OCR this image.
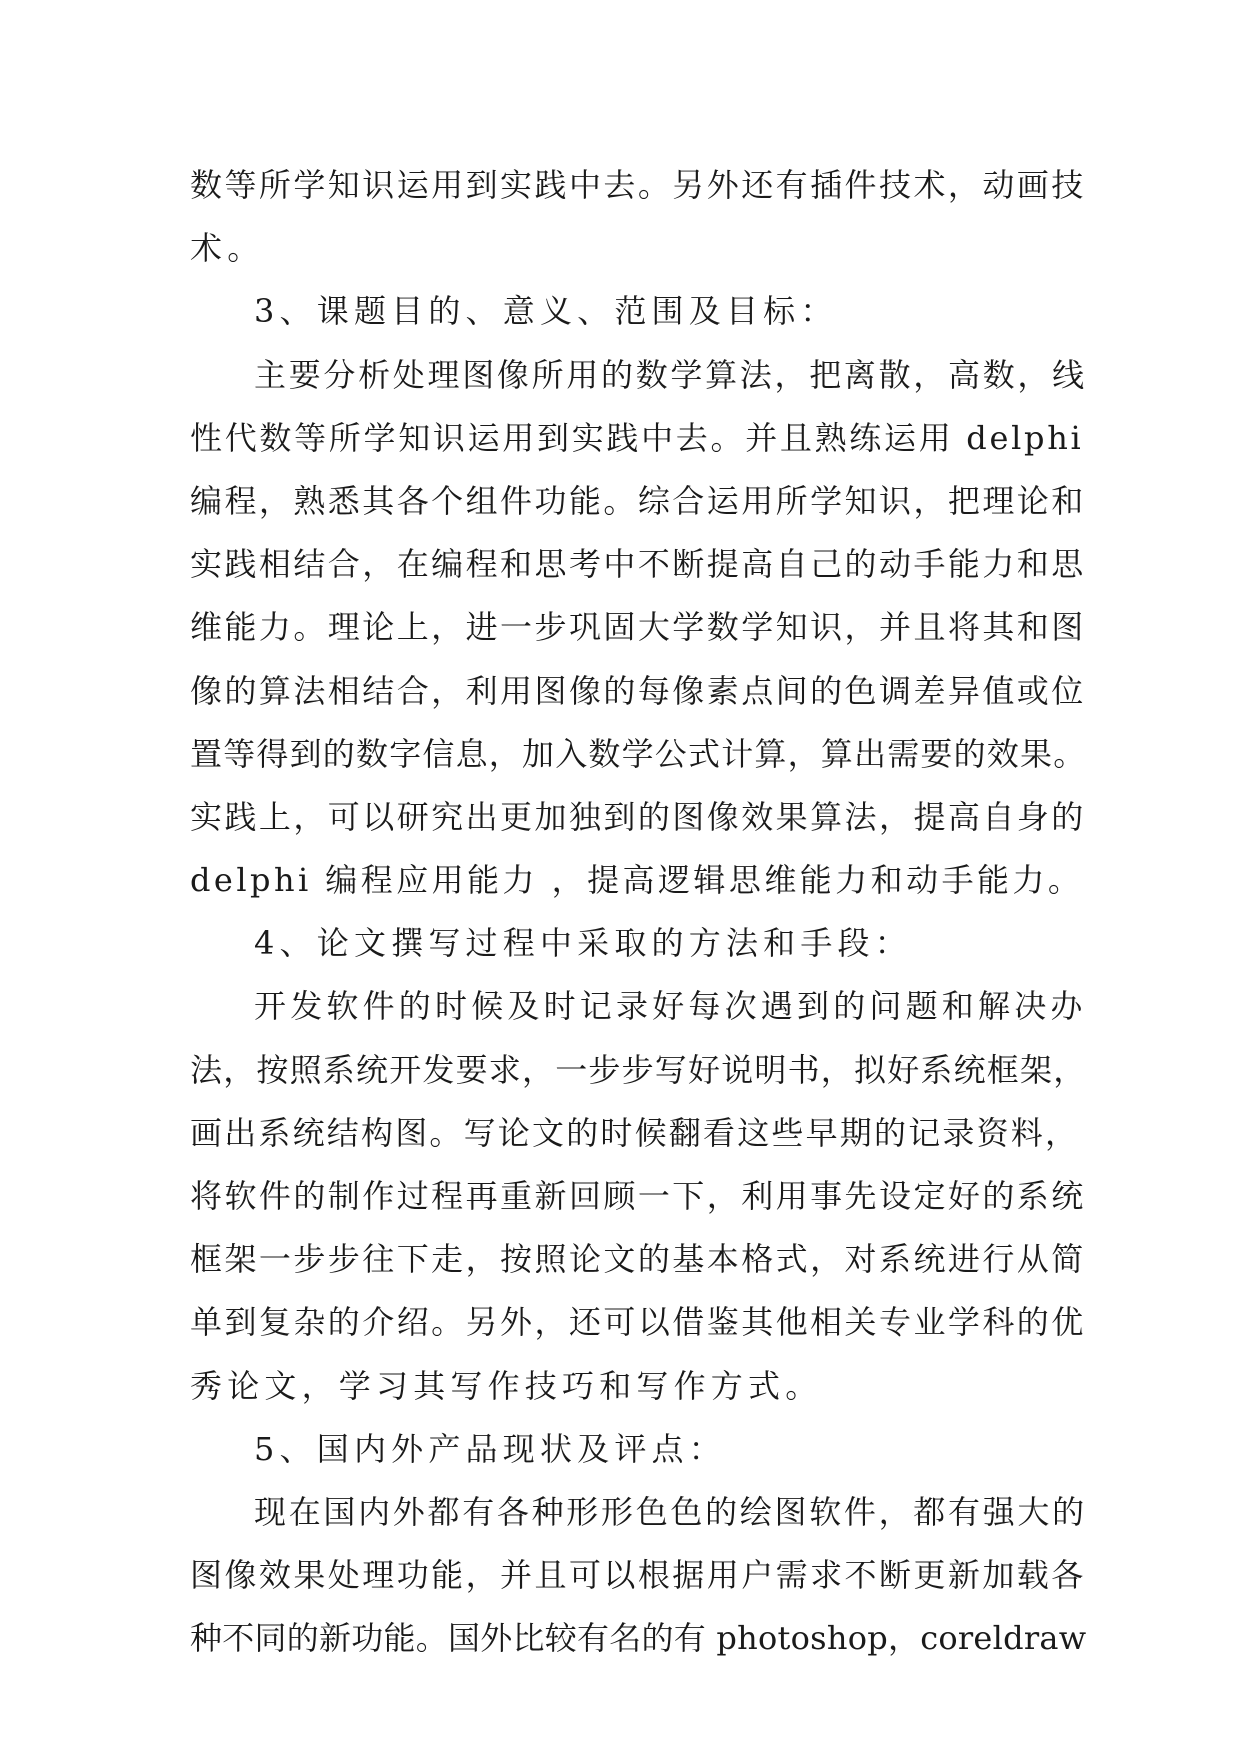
数等所学知识运用到实践中去。另外还有插件技术，动画技
术。
3、课题目的、意义、范围及目标：
主要分析处理图像所用的数学算法，把离散，高数，线
性代数等所学知识运用到实践中去。并且熟练运用 delphi
编程，熟悉其各个组件功能。综合运用所学知识，把理论和
实践相结合，在编程和思考中不断提高自己的动手能力和思
维能力。理论上，进一步巩固大学数学知识，并且将其和图
像的算法相结合，利用图像的每像素点间的色调差异值或位
置等得到的数字信息，加入数学公式计算，算出需要的效果。
实践上，可以研究出更加独到的图像效果算法，提高自身的
delphi 编程应用能力 ，提高逻辑思维能力和动手能力。
4、论文撰写过程中采取的方法和手段：
开发软件的时候及时记录好每次遇到的问题和解决办
法，按照系统开发要求，一步步写好说明书，拟好系统框架，
画出系统结构图。写论文的时候翻看这些早期的记录资料，
将软件的制作过程再重新回顾一下，利用事先设定好的系统
框架一步步往下走，按照论文的基本格式，对系统进行从简
单到复杂的介绍。另外，还可以借鉴其他相关专业学科的优
秀论文，学习其写作技巧和写作方式。
5、国内外产品现状及评点：
现在国内外都有各种形形色色的绘图软件，都有强大的
图像效果处理功能，并且可以根据用户需求不断更新加载各
种不同的新功能。国外比较有名的有 photoshop，coreldraw
